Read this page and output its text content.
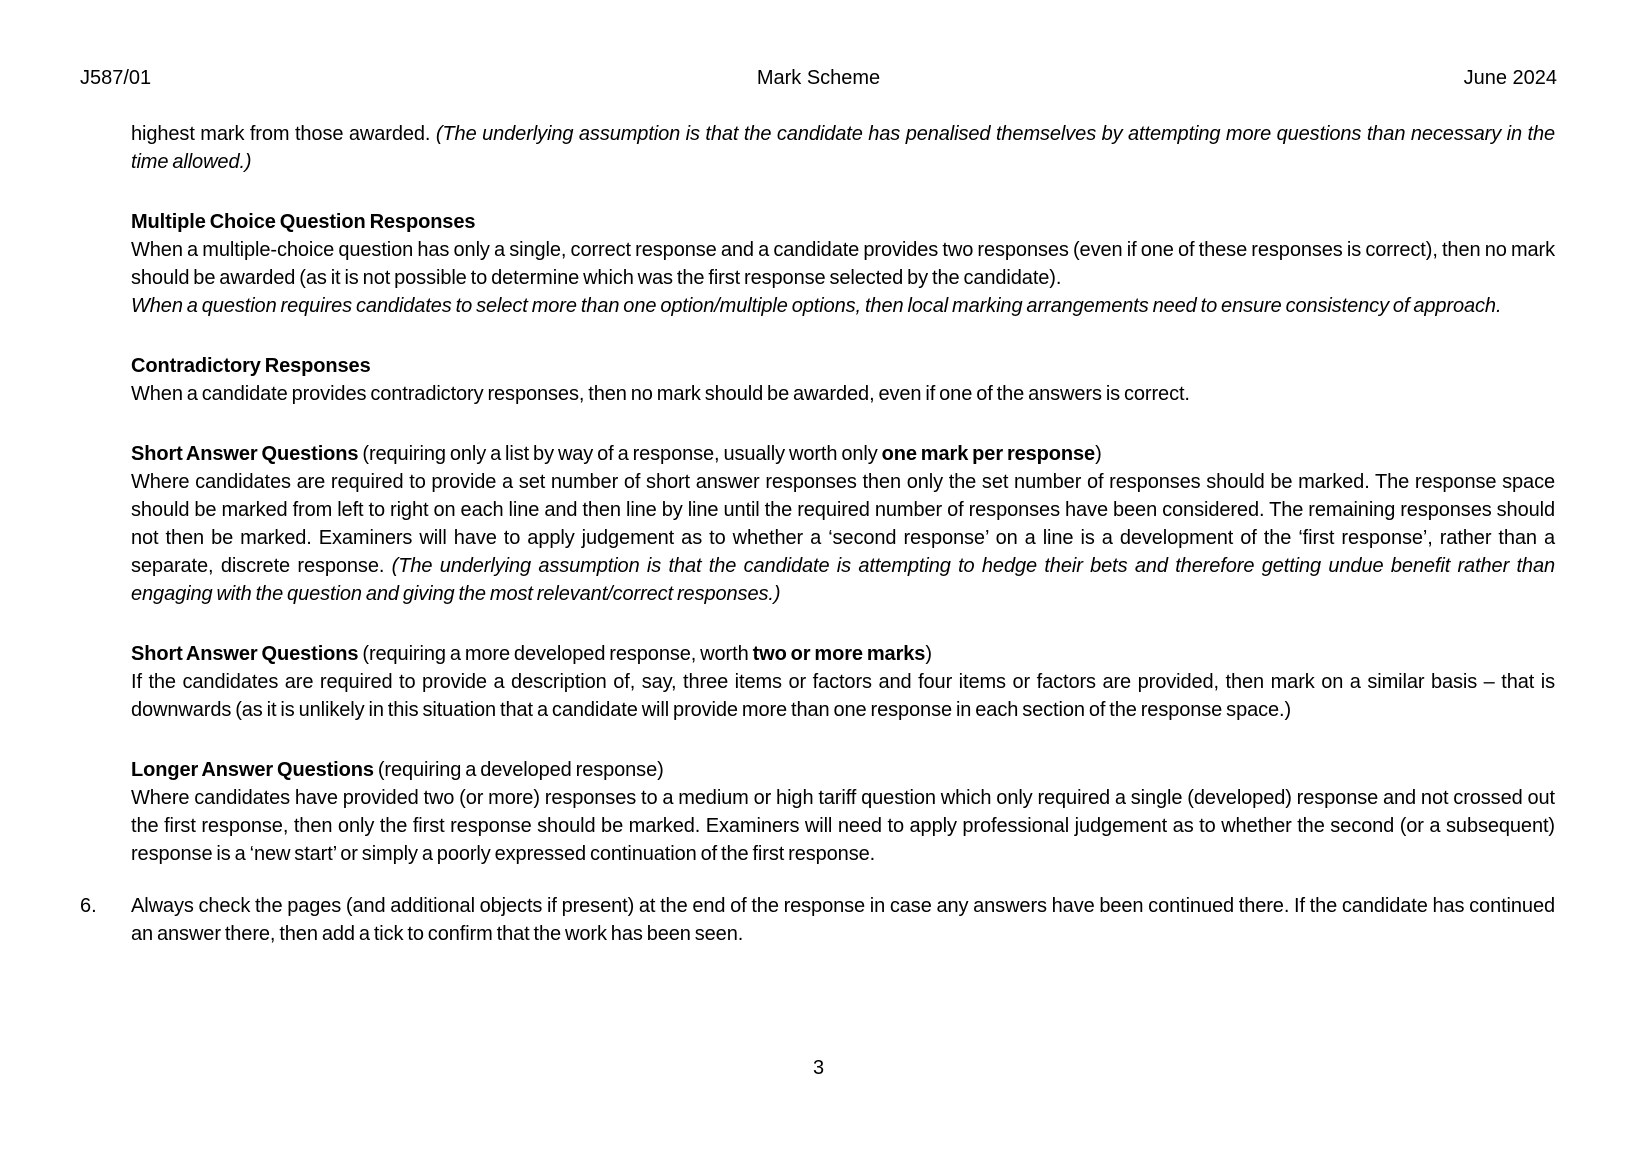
J587/01	Mark Scheme	June 2024

highest mark from those awarded. (The underlying assumption is that the candidate has penalised themselves by attempting more questions than necessary in the time allowed.)

Multiple Choice Question Responses

When a multiple-choice question has only a single, correct response and a candidate provides two responses (even if one of these responses is correct), then no mark should be awarded (as it is not possible to determine which was the first response selected by the candidate).

When a question requires candidates to select more than one option/multiple options, then local marking arrangements need to ensure consistency of approach.

Contradictory Responses

When a candidate provides contradictory responses, then no mark should be awarded, even if one of the answers is correct.

Short Answer Questions (requiring only a list by way of a response, usually worth only one mark per response)

Where candidates are required to provide a set number of short answer responses then only the set number of responses should be marked. The response space should be marked from left to right on each line and then line by line until the required number of responses have been considered. The remaining responses should not then be marked. Examiners will have to apply judgement as to whether a ‘second response’ on a line is a development of the ‘first response’, rather than a separate, discrete response. (The underlying assumption is that the candidate is attempting to hedge their bets and therefore getting undue benefit rather than engaging with the question and giving the most relevant/correct responses.)

Short Answer Questions (requiring a more developed response, worth two or more marks)

If the candidates are required to provide a description of, say, three items or factors and four items or factors are provided, then mark on a similar basis – that is downwards (as it is unlikely in this situation that a candidate will provide more than one response in each section of the response space.)

Longer Answer Questions (requiring a developed response)

Where candidates have provided two (or more) responses to a medium or high tariff question which only required a single (developed) response and not crossed out the first response, then only the first response should be marked. Examiners will need to apply professional judgement as to whether the second (or a subsequent) response is a ‘new start’ or simply a poorly expressed continuation of the first response.

6.	Always check the pages (and additional objects if present) at the end of the response in case any answers have been continued there. If the candidate has continued an answer there, then add a tick to confirm that the work has been seen.

3
